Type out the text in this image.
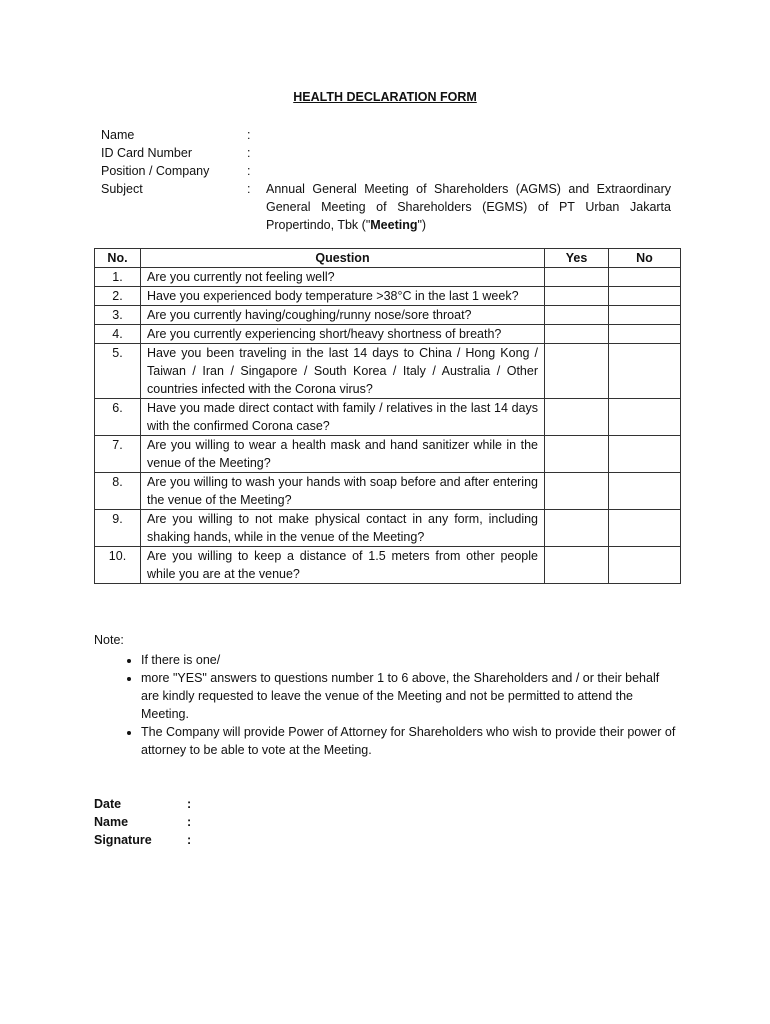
HEALTH DECLARATION FORM
Name	:
ID Card Number	:
Position / Company	:
Subject	:	Annual General Meeting of Shareholders (AGMS) and Extraordinary General Meeting of Shareholders (EGMS) of PT Urban Jakarta Propertindo, Tbk ("Meeting")
No.	Question	Yes	No
1.	Are you currently not feeling well?		
2.	Have you experienced body temperature >38°C in the last 1 week?		
3.	Are you currently having/coughing/runny nose/sore throat?		
4.	Are you currently experiencing short/heavy shortness of breath?		
5.	Have you been traveling in the last 14 days to China / Hong Kong / Taiwan / Iran / Singapore / South Korea / Italy / Australia / Other countries infected with the Corona virus?		
6.	Have you made direct contact with family / relatives in the last 14 days with the confirmed Corona case?		
7.	Are you willing to wear a health mask and hand sanitizer while in the venue of the Meeting?		
8.	Are you willing to wash your hands with soap before and after entering the venue of the Meeting?		
9.	Are you willing to not make physical contact in any form, including shaking hands, while in the venue of the Meeting?		
10.	Are you willing to keep a distance of 1.5 meters from other people while you are at the venue?		
Note:
• If there is one/
• more "YES" answers to questions number 1 to 6 above, the Shareholders and / or their behalf are kindly requested to leave the venue of the Meeting and not be permitted to attend the Meeting.
• The Company will provide Power of Attorney for Shareholders who wish to provide their power of attorney to be able to vote at the Meeting.
Date	:
Name	:
Signature	:
